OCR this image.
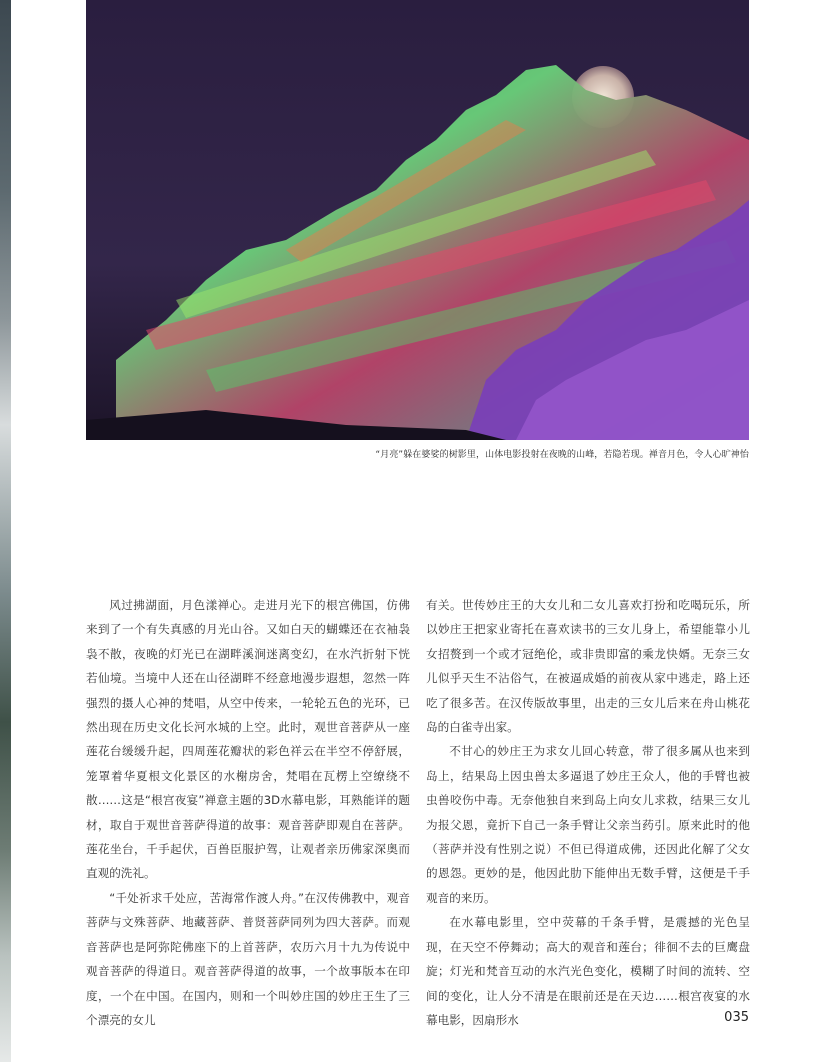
“月亮”躲在婆娑的树影里，山体电影投射在夜晚的山峰，若隐若现。禅音月色，令人心旷神怡

风过拂湖面，月色漾禅心。走进月光下的根宫佛国，仿佛来到了一个有失真感的月光山谷。又如白天的蝴蝶还在衣袖袅袅不散，夜晚的灯光已在湖畔溪涧迷离变幻，在水汽折射下恍若仙境。当境中人还在山径湖畔不经意地漫步遐想，忽然一阵强烈的摄人心神的梵唱，从空中传来，一轮轮五色的光环，已然出现在历史文化长河水城的上空。此时，观世音菩萨从一座莲花台缓缓升起，四周莲花瓣状的彩色祥云在半空不停舒展，笼罩着华夏根文化景区的水榭房舍，梵唱在瓦楞上空缭绕不散……这是“根宫夜宴”禅意主题的3D水幕电影，耳熟能详的题材，取自于观世音菩萨得道的故事：观音菩萨即观自在菩萨。莲花坐台，千手起伏，百兽臣服护驾，让观者亲历佛家深奥而直观的洗礼。

“千处祈求千处应，苦海常作渡人舟。”在汉传佛教中，观音菩萨与文殊菩萨、地藏菩萨、普贤菩萨同列为四大菩萨。而观音菩萨也是阿弥陀佛座下的上首菩萨，农历六月十九为传说中观音菩萨的得道日。观音菩萨得道的故事，一个故事版本在印度，一个在中国。在国内，则和一个叫妙庄国的妙庄王生了三个漂亮的女儿

有关。世传妙庄王的大女儿和二女儿喜欢打扮和吃喝玩乐，所以妙庄王把家业寄托在喜欢读书的三女儿身上，希望能靠小儿女招赘到一个或才冠绝伦，或非贵即富的乘龙快婿。无奈三女儿似乎天生不沾俗气，在被逼成婚的前夜从家中逃走，路上还吃了很多苦。在汉传版故事里，出走的三女儿后来在舟山桃花岛的白雀寺出家。

不甘心的妙庄王为求女儿回心转意，带了很多属从也来到岛上，结果岛上因虫兽太多逼退了妙庄王众人，他的手臂也被虫兽咬伤中毒。无奈他独自来到岛上向女儿求救，结果三女儿为报父恩，竟折下自己一条手臂让父亲当药引。原来此时的他（菩萨并没有性别之说）不但已得道成佛，还因此化解了父女的恩怨。更妙的是，他因此肋下能伸出无数手臂，这便是千手观音的来历。

在水幕电影里，空中荧幕的千条手臂，是震撼的光色呈现，在天空不停舞动；高大的观音和莲台；徘徊不去的巨鹰盘旋；灯光和梵音互动的水汽光色变化，模糊了时间的流转、空间的变化，让人分不清是在眼前还是在天边……根宫夜宴的水幕电影，因扇形水	035
